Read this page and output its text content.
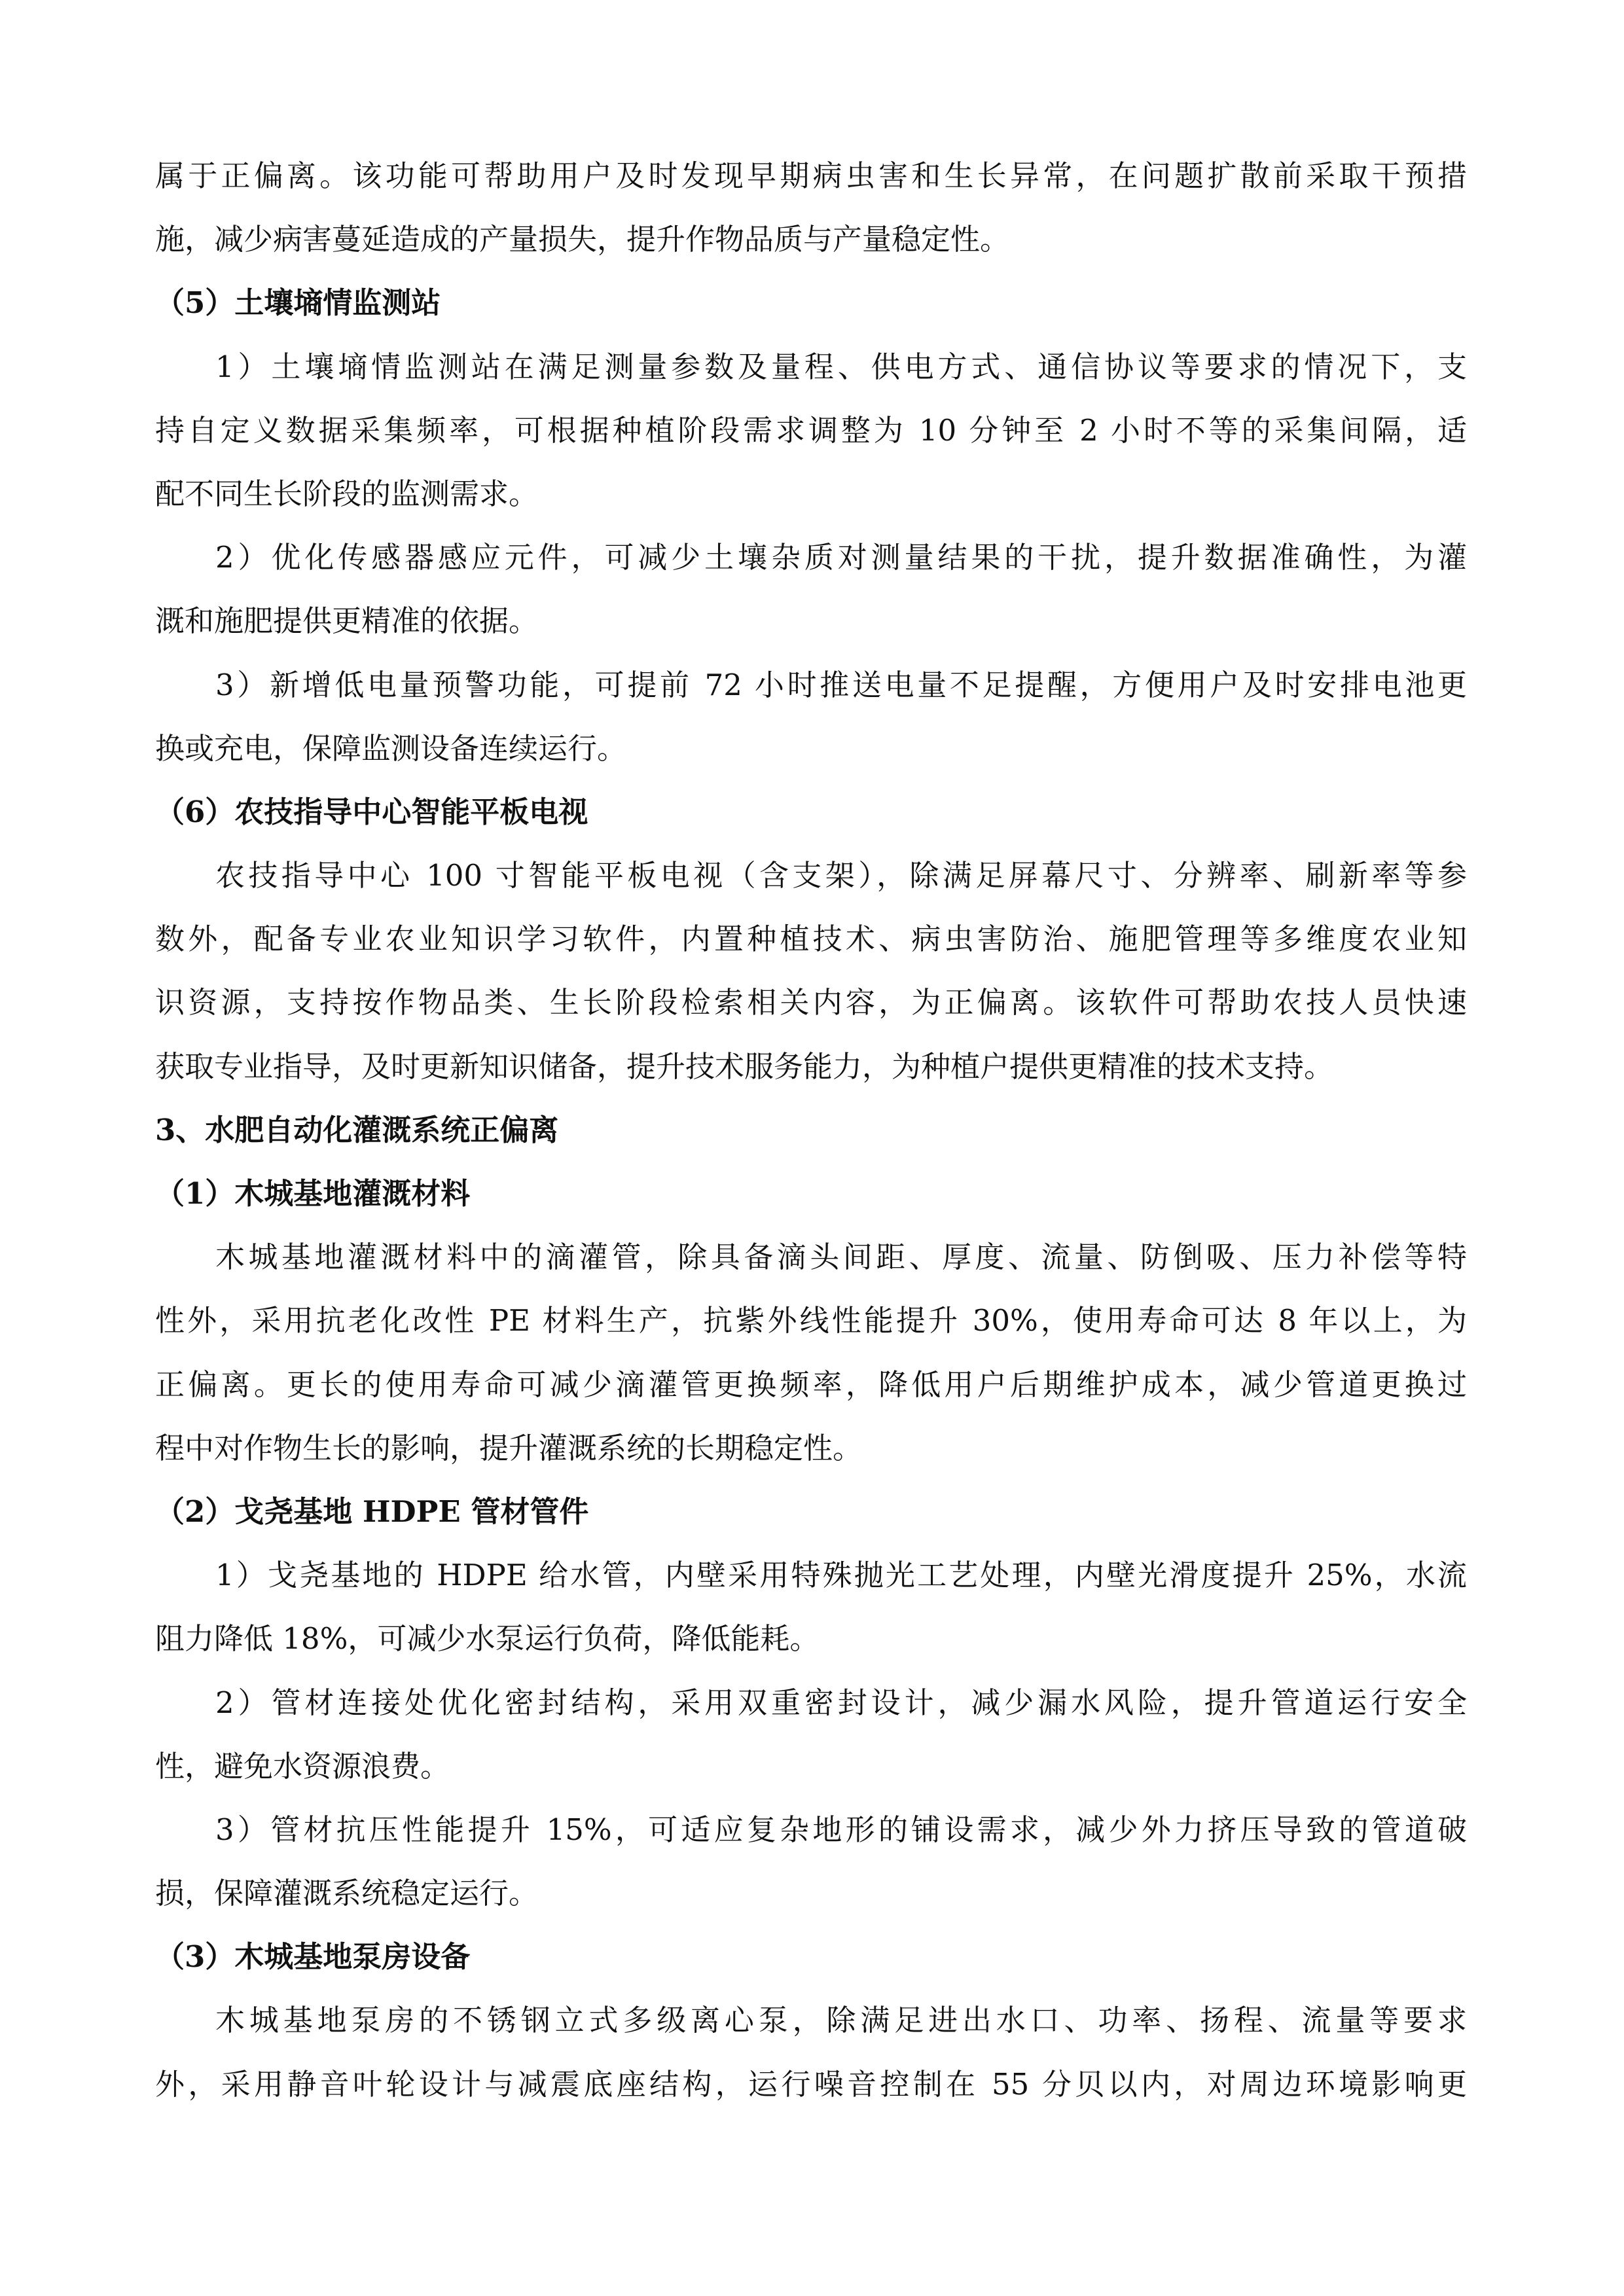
属于正偏离。该功能可帮助用户及时发现早期病虫害和生长异常，在问题扩散前采取干预措
施，减少病害蔓延造成的产量损失，提升作物品质与产量稳定性。
（5）土壤墒情监测站
1）土壤墒情监测站在满足测量参数及量程、供电方式、通信协议等要求的情况下，支
持自定义数据采集频率，可根据种植阶段需求调整为 10 分钟至 2 小时不等的采集间隔，适
配不同生长阶段的监测需求。
2）优化传感器感应元件，可减少土壤杂质对测量结果的干扰，提升数据准确性，为灌
溉和施肥提供更精准的依据。
3）新增低电量预警功能，可提前 72 小时推送电量不足提醒，方便用户及时安排电池更
换或充电，保障监测设备连续运行。
（6）农技指导中心智能平板电视
农技指导中心 100 寸智能平板电视（含支架），除满足屏幕尺寸、分辨率、刷新率等参
数外，配备专业农业知识学习软件，内置种植技术、病虫害防治、施肥管理等多维度农业知
识资源，支持按作物品类、生长阶段检索相关内容，为正偏离。该软件可帮助农技人员快速
获取专业指导，及时更新知识储备，提升技术服务能力，为种植户提供更精准的技术支持。
3、水肥自动化灌溉系统正偏离
（1）木城基地灌溉材料
木城基地灌溉材料中的滴灌管，除具备滴头间距、厚度、流量、防倒吸、压力补偿等特
性外，采用抗老化改性 PE 材料生产，抗紫外线性能提升 30%，使用寿命可达 8 年以上，为
正偏离。更长的使用寿命可减少滴灌管更换频率，降低用户后期维护成本，减少管道更换过
程中对作物生长的影响，提升灌溉系统的长期稳定性。
（2）戈尧基地 HDPE 管材管件
1）戈尧基地的 HDPE 给水管，内壁采用特殊抛光工艺处理，内壁光滑度提升 25%，水流
阻力降低 18%，可减少水泵运行负荷，降低能耗。
2）管材连接处优化密封结构，采用双重密封设计，减少漏水风险，提升管道运行安全
性，避免水资源浪费。
3）管材抗压性能提升 15%，可适应复杂地形的铺设需求，减少外力挤压导致的管道破
损，保障灌溉系统稳定运行。
（3）木城基地泵房设备
木城基地泵房的不锈钢立式多级离心泵，除满足进出水口、功率、扬程、流量等要求
外，采用静音叶轮设计与减震底座结构，运行噪音控制在 55 分贝以内，对周边环境影响更
